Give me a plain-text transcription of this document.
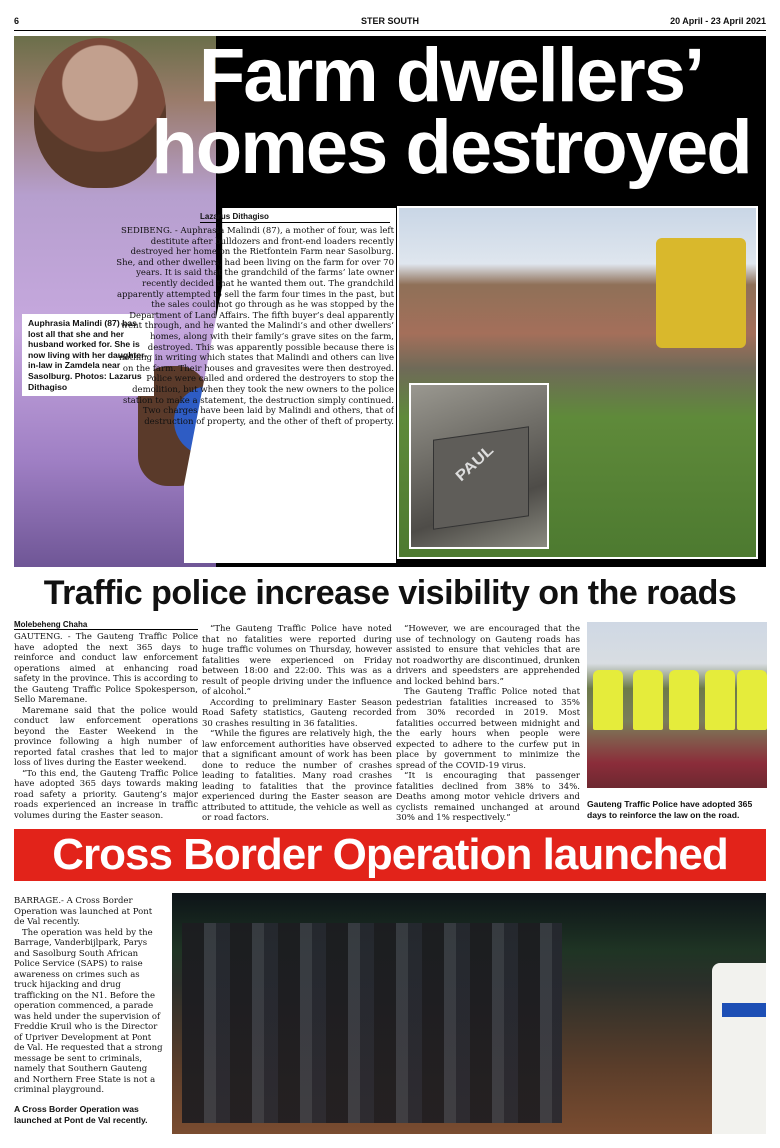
6	STER SOUTH	20 April - 23 April 2021
Farm dwellers’ homes destroyed
Auphrasia Malindi (87) has lost all that she and her husband worked for. She is now living with her daughter-in-law in Zamdela near Sasolburg. Photos: Lazarus Dithagiso
Lazarus Dithagiso
SEDIBENG. - Auphrasia Malindi (87), a mother of four, was left destitute after bulldozers and front-end loaders recently destroyed her home on the Rietfontein Farm near Sasolburg. She, and other dwellers, had been living on the farm for over 70 years. It is said that the grandchild of the farms’ late owner recently decided that he wanted them out. The grandchild apparently attempted to sell the farm four times in the past, but the sales could not go through as he was stopped by the Department of Land Affairs. The fifth buyer’s deal apparently went through, and he wanted the Malindi’s and other dwellers’ homes, along with their family’s grave sites on the farm, destroyed. This was apparently possible because there is nothing in writing which states that Malindi and others can live on the farm. Their houses and gravesites were then destroyed. Police were called and ordered the destroyers to stop the demolition, but when they took the new owners to the police station to make a statement, the destruction simply continued. Two charges have been laid by Malindi and others, that of destruction of property, and the other of theft of property.
PAUL
Traffic police increase visibility on the roads
Molebeheng Chaha

GAUTENG. - The Gauteng Traffic Police have adopted the next 365 days to reinforce and conduct law enforcement operations aimed at enhancing road safety in the province. This is according to the Gauteng Traffic Police Spokesperson, Sello Maremane.

Maremane said that the police would conduct law enforcement operations beyond the Easter Weekend in the province following a high number of reported fatal crashes that led to major loss of lives during the Easter weekend.

“To this end, the Gauteng Traffic Police have adopted 365 days towards making road safety a priority. Gauteng’s major roads experienced an increase in traffic volumes during the Easter season.

“The Gauteng Traffic Police have noted that no fatalities were reported during huge traffic volumes on Thursday, however fatalities were experienced on Friday between 18:00 and 22:00. This was as a result of people driving under the influence of alcohol.”

According to preliminary Easter Season Road Safety statistics, Gauteng recorded 30 crashes resulting in 36 fatalities.

“While the figures are relatively high, the law enforcement authorities have observed that a significant amount of work has been done to reduce the number of crashes leading to fatalities. Many road crashes leading to fatalities that the province experienced during the Easter season are attributed to attitude, the vehicle as well as or road factors.

“However, we are encouraged that the use of technology on Gauteng roads has assisted to ensure that vehicles that are not roadworthy are discontinued, drunken drivers and speedsters are apprehended and locked behind bars.”

The Gauteng Traffic Police noted that pedestrian fatalities increased to 35% from 30% recorded in 2019. Most fatalities occurred between midnight and the early hours when people were expected to adhere to the curfew put in place by government to minimize the spread of the COVID-19 virus.

“It is encouraging that passenger fatalities declined from 38% to 34%. Deaths among motor vehicle drivers and cyclists remained unchanged at around 30% and 1% respectively.”

Gauteng Traffic Police have adopted 365 days to reinforce the law on the road.
Cross Border Operation launched

BARRAGE.- A Cross Border Operation was launched at Pont de Val recently.

The operation was held by the Barrage, Vanderbijlpark, Parys and Sasolburg South African Police Service (SAPS) to raise awareness on crimes such as truck hijacking and drug trafficking on the N1. Before the operation commenced, a parade was held under the supervision of Freddie Kruil who is the Director of Upriver Development at Pont de Val. He requested that a strong message be sent to criminals, namely that Southern Gauteng and Northern Free State is not a criminal playground.

A Cross Border Operation was launched at Pont de Val recently.
